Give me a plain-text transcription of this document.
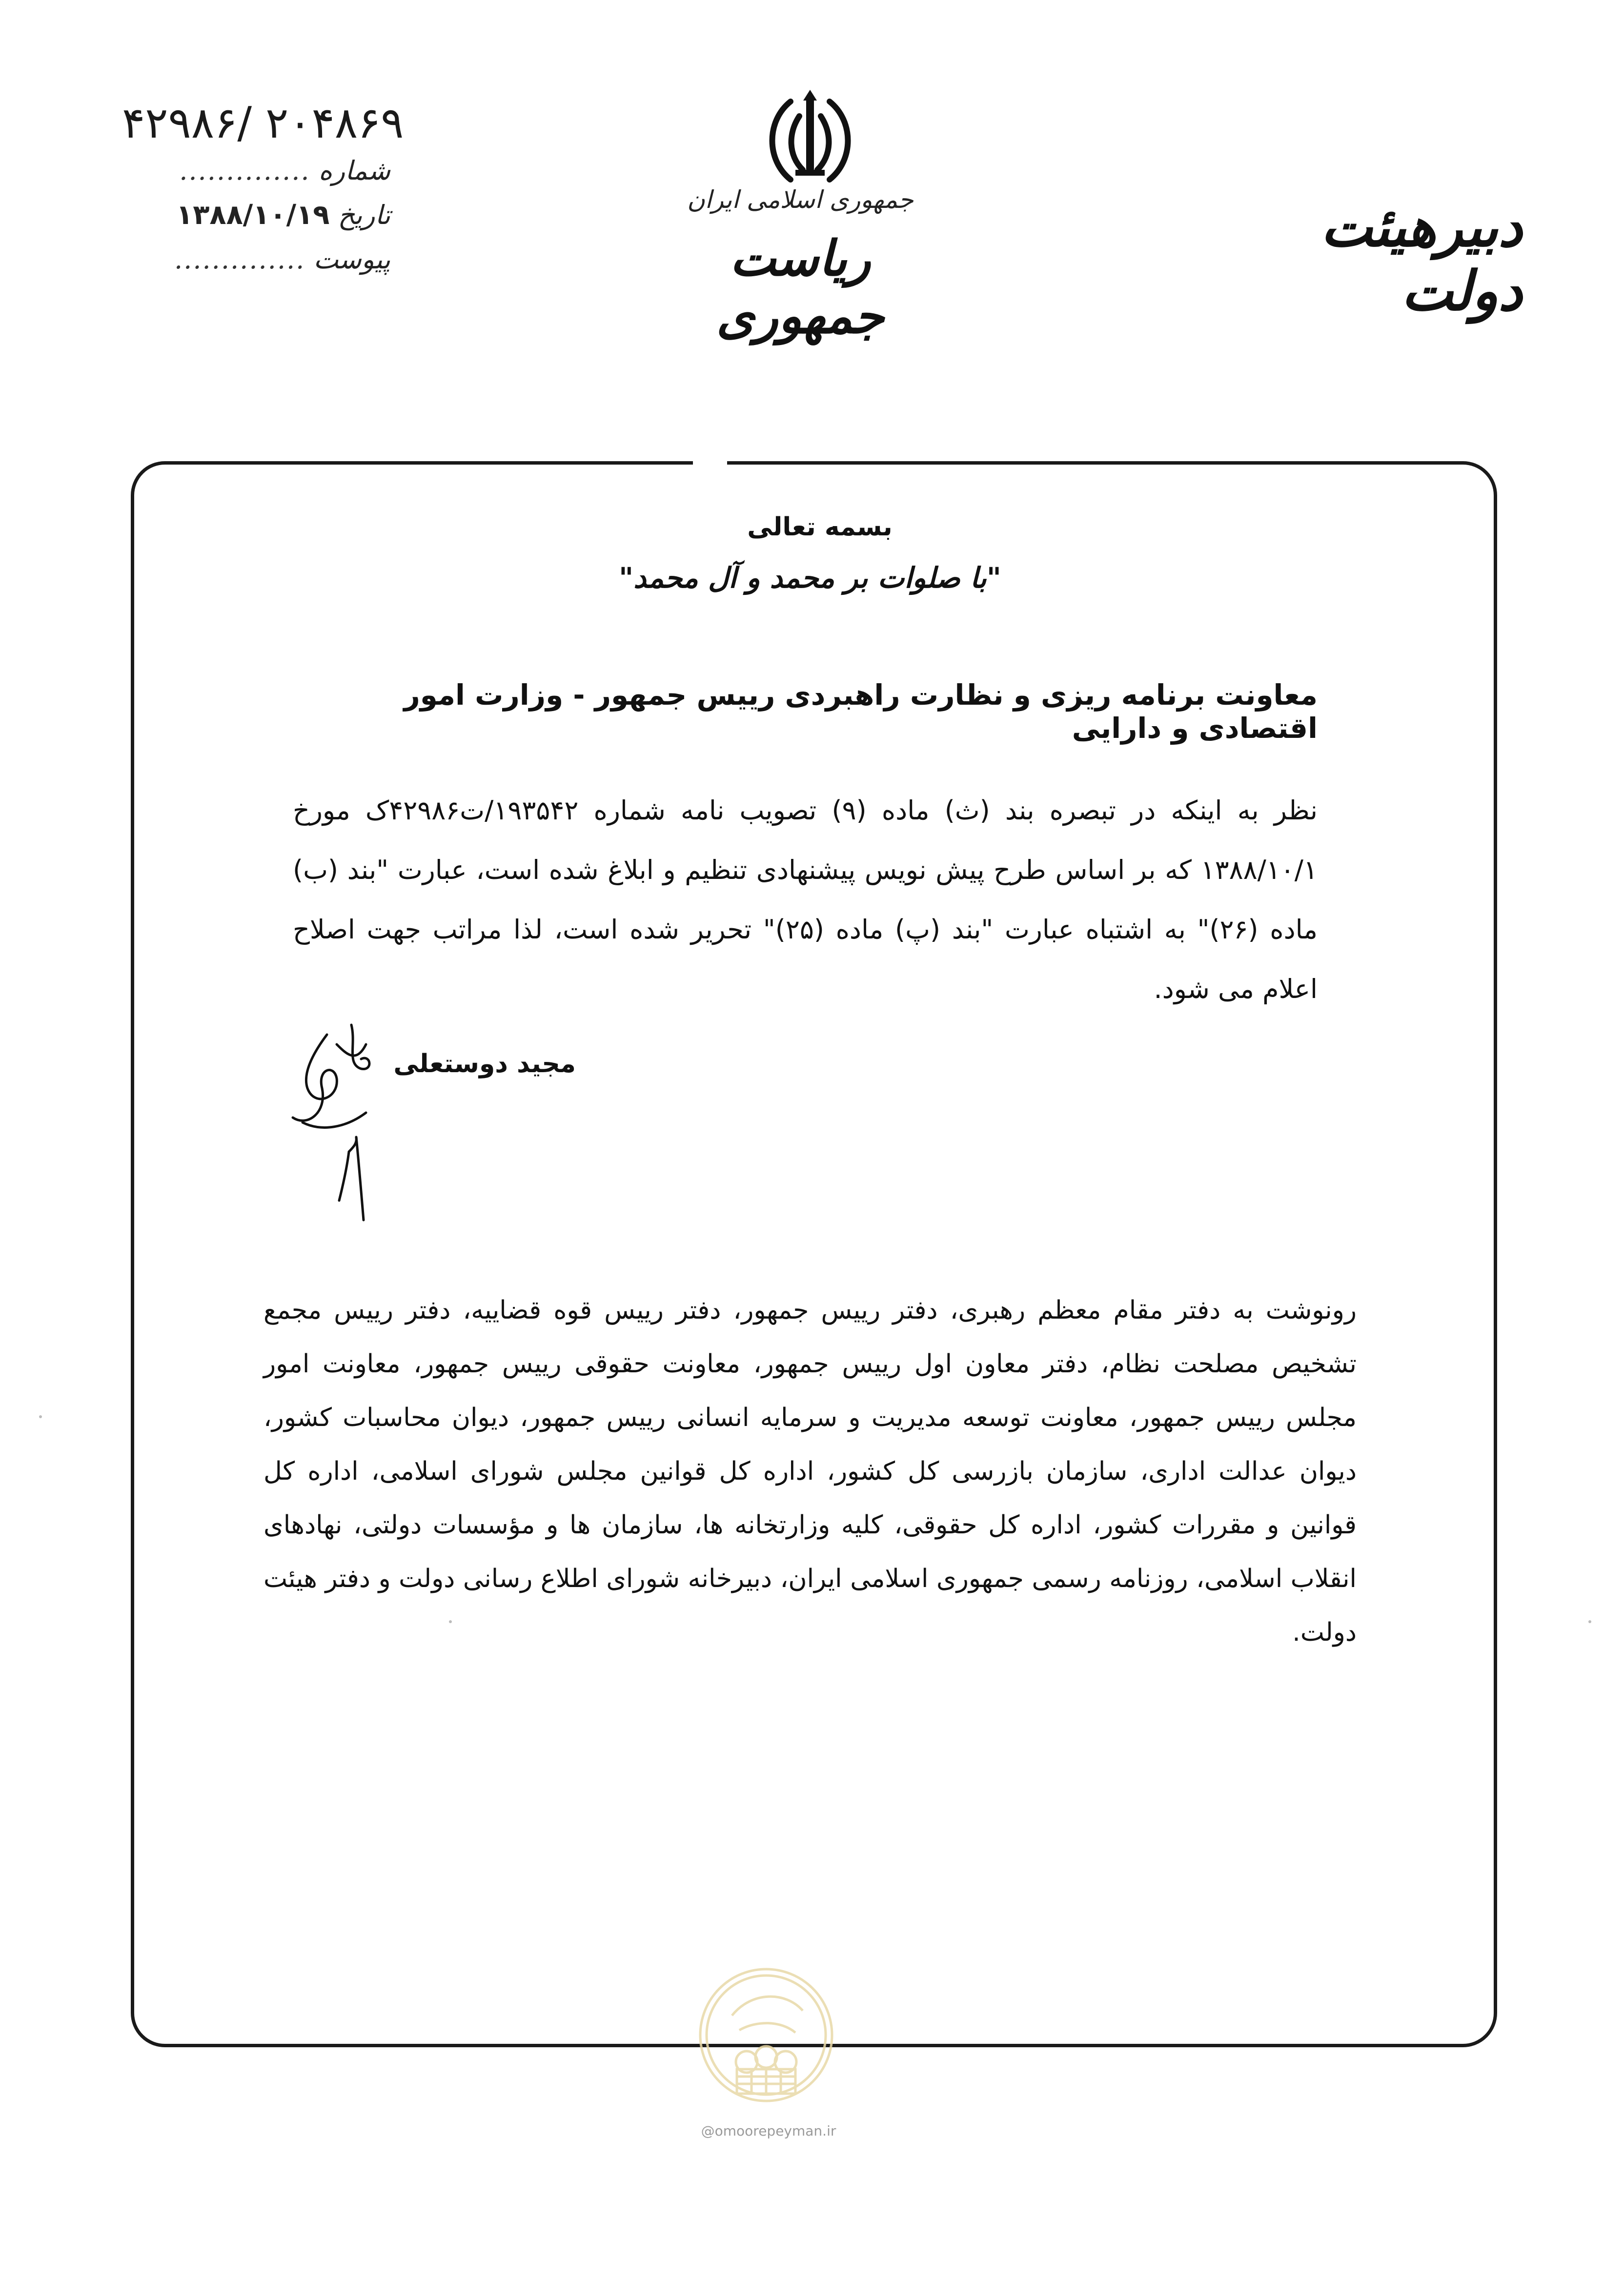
۴۲۹۸۶/ ۲۰۴۸۶۹
شماره ..............
تاریخ ۱۳۸۸/۱۰/۱۹
پیوست ..............
جمهوری اسلامی ایران
ریاست جمهوری
دبیرهیئت دولت
بسمه تعالی
"با صلوات بر محمد و آل محمد"
معاونت برنامه ریزی و نظارت راهبردی رییس جمهور - وزارت امور اقتصادی و دارایی
نظر به اینکه در تبصره بند (ث) ماده (۹) تصویب نامه شماره ۱۹۳۵۴۲/ت۴۲۹۸۶ک مورخ ۱۳۸۸/۱۰/۱ که بر اساس طرح پیش نویس پیشنهادی تنظیم و ابلاغ شده است، عبارت "بند (ب) ماده (۲۶)" به اشتباه عبارت "بند (پ) ماده (۲۵)" تحریر شده است، لذا مراتب جهت اصلاح اعلام می شود.
مجید دوستعلی
رونوشت به دفتر مقام معظم رهبری، دفتر رییس جمهور، دفتر رییس قوه قضاییه، دفتر رییس مجمع تشخیص مصلحت نظام، دفتر معاون اول رییس جمهور، معاونت حقوقی رییس جمهور، معاونت امور مجلس رییس جمهور، معاونت توسعه مدیریت و سرمایه انسانی رییس جمهور، دیوان محاسبات کشور، دیوان عدالت اداری، سازمان بازرسی کل کشور، اداره کل قوانین مجلس شورای اسلامی، اداره کل قوانین و مقررات کشور، اداره کل حقوقی، کلیه وزارتخانه ها، سازمان ها و مؤسسات دولتی، نهادهای انقلاب اسلامی، روزنامه رسمی جمهوری اسلامی ایران، دبیرخانه شورای اطلاع رسانی دولت و دفتر هیئت دولت.
@omoorepeyman.ir
